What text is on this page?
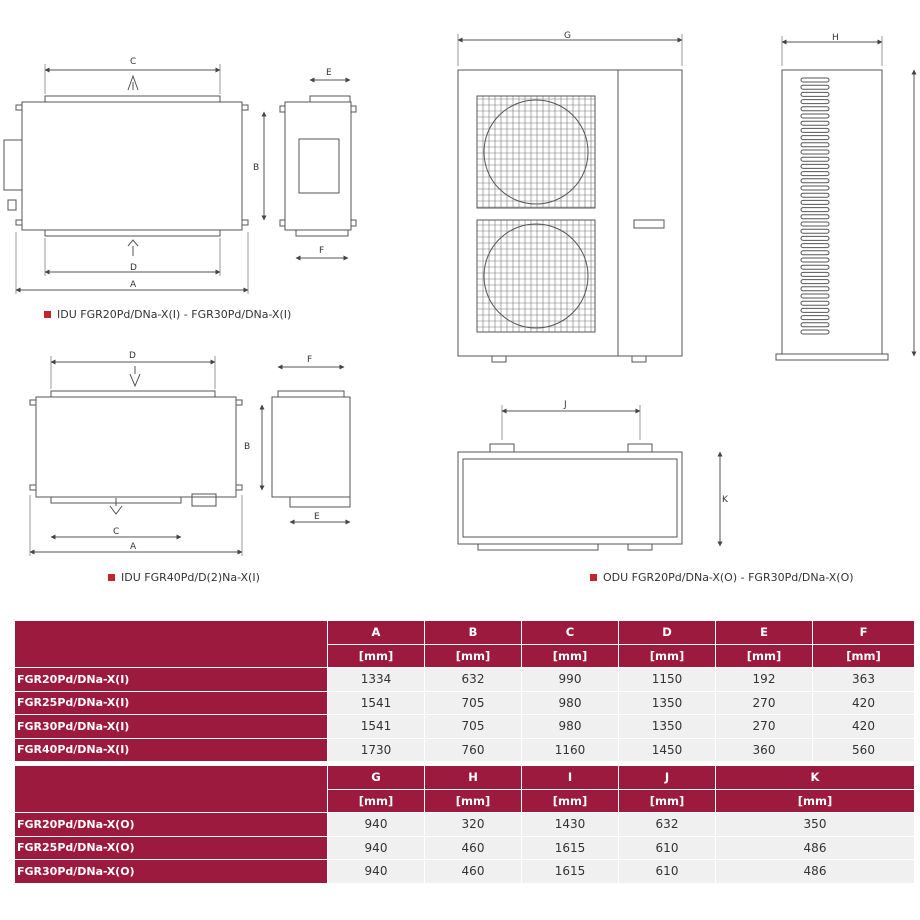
C
B
D
A
E
F
D
B
C
A
F
E
G	H
J
K
IDU FGR20Pd/DNa-X(I) - FGR30Pd/DNa-X(I)
IDU FGR40Pd/D(2)Na-X(I)	ODU FGR20Pd/DNa-X(O) - FGR30Pd/DNa-X(O)
	A	B	C	D	E	F
	[mm]	[mm]	[mm]	[mm]	[mm]	[mm]
FGR20Pd/DNa-X(I)	1334	632	990	1150	192	363
FGR25Pd/DNa-X(I)	1541	705	980	1350	270	420
FGR30Pd/DNa-X(I)	1541	705	980	1350	270	420
FGR40Pd/DNa-X(I)	1730	760	1160	1450	360	560
	G	H	I	J	K
	[mm]	[mm]	[mm]	[mm]	[mm]
FGR20Pd/DNa-X(O)	940	320	1430	632	350
FGR25Pd/DNa-X(O)	940	460	1615	610	486
FGR30Pd/DNa-X(O)	940	460	1615	610	486
